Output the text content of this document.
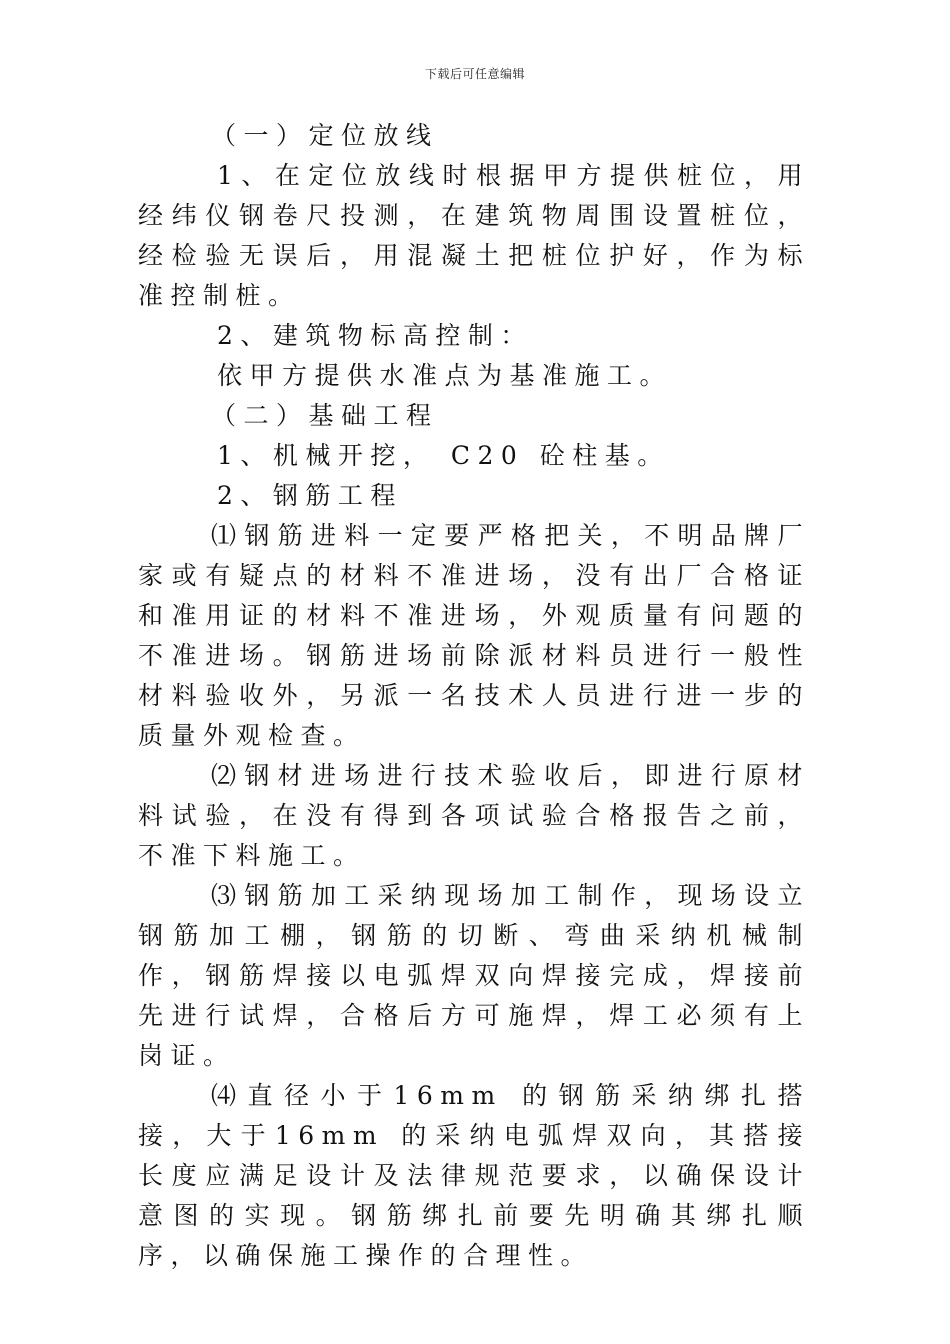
下载后可任意编辑

（一）定位放线

1、在定位放线时根据甲方提供桩位，用经纬仪钢卷尺投测，在建筑物周围设置桩位，经检验无误后，用混凝土把桩位护好，作为标准控制桩。

2、建筑物标高控制：

依甲方提供水准点为基准施工。

（二）基础工程

1、机械开挖， C20 砼柱基。

2、钢筋工程

⑴钢筋进料一定要严格把关，不明品牌厂家或有疑点的材料不准进场，没有出厂合格证和准用证的材料不准进场，外观质量有问题的不准进场。钢筋进场前除派材料员进行一般性材料验收外，另派一名技术人员进行进一步的质量外观检查。

⑵钢材进场进行技术验收后，即进行原材料试验，在没有得到各项试验合格报告之前，不准下料施工。

⑶钢筋加工采纳现场加工制作，现场设立钢筋加工棚，钢筋的切断、弯曲采纳机械制作，钢筋焊接以电弧焊双向焊接完成，焊接前先进行试焊，合格后方可施焊，焊工必须有上岗证。

⑷直径小于16mm 的钢筋采纳绑扎搭接，大于16mm 的采纳电弧焊双向，其搭接长度应满足设计及法律规范要求，以确保设计意图的实现。钢筋绑扎前要先明确其绑扎顺序，以确保施工操作的合理性。
